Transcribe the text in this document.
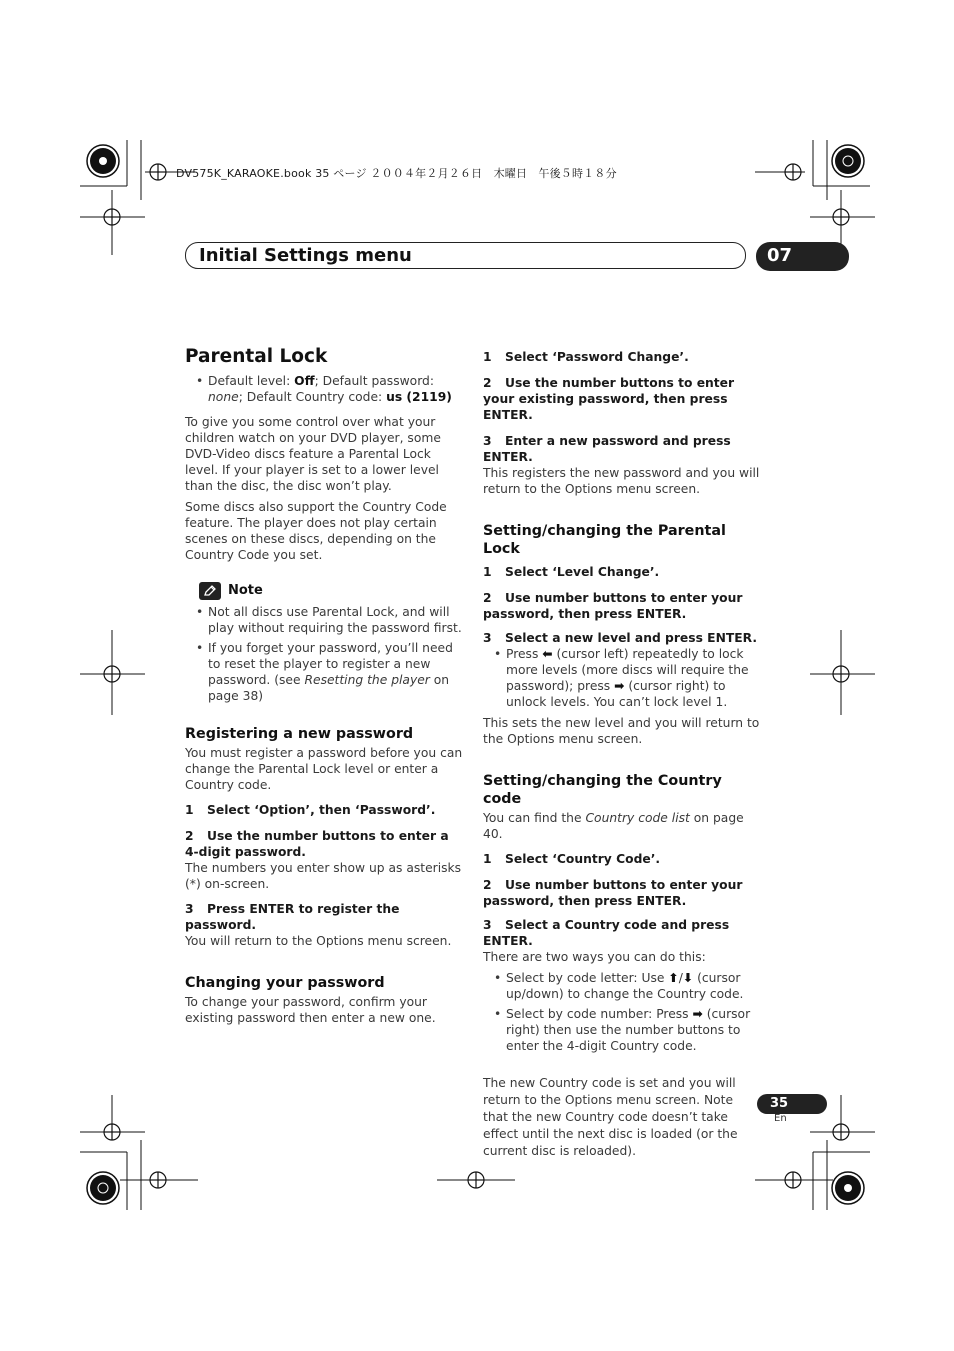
DV575K_KARAOKE.book 35 ページ ２００４年２月２６日　木曜日　午後５時１８分
Initial Settings menu	07
Parental Lock
• Default level: Off; Default password: none; Default Country code: us (2119)

To give you some control over what your children watch on your DVD player, some DVD-Video discs feature a Parental Lock level. If your player is set to a lower level than the disc, the disc won’t play.

Some discs also support the Country Code feature. The player does not play certain scenes on these discs, depending on the Country Code you set.

Note
• Not all discs use Parental Lock, and will play without requiring the password first.
• If you forget your password, you’ll need to reset the player to register a new password. (see Resetting the player on page 38)
Registering a new password

You must register a password before you can change the Parental Lock level or enter a Country code.

1 Select ‘Option’, then ‘Password’.

2 Use the number buttons to enter a 4-digit password.

The numbers you enter show up as asterisks (*) on-screen.

3 Press ENTER to register the password.

You will return to the Options menu screen.

Changing your password

To change your password, confirm your existing password then enter a new one.

1 Select ‘Password Change’.

2 Use the number buttons to enter your existing password, then press ENTER.

3 Enter a new password and press ENTER.

This registers the new password and you will return to the Options menu screen.

Setting/changing the Parental Lock

1 Select ‘Level Change’.

2 Use number buttons to enter your password, then press ENTER.

3 Select a new level and press ENTER.

• Press ⬅ (cursor left) repeatedly to lock more levels (more discs will require the password); press ➡ (cursor right) to unlock levels. You can’t lock level 1.

This sets the new level and you will return to the Options menu screen.

Setting/changing the Country code

You can find the Country code list on page 40.

1 Select ‘Country Code’.

2 Use number buttons to enter your password, then press ENTER.

3 Select a Country code and press ENTER.

There are two ways you can do this:

• Select by code letter: Use ⬆/⬇ (cursor up/down) to change the Country code.
• Select by code number: Press ➡ (cursor right) then use the number buttons to enter the 4-digit Country code.

The new Country code is set and you will return to the Options menu screen. Note that the new Country code doesn’t take effect until the next disc is loaded (or the current disc is reloaded).

35
En
